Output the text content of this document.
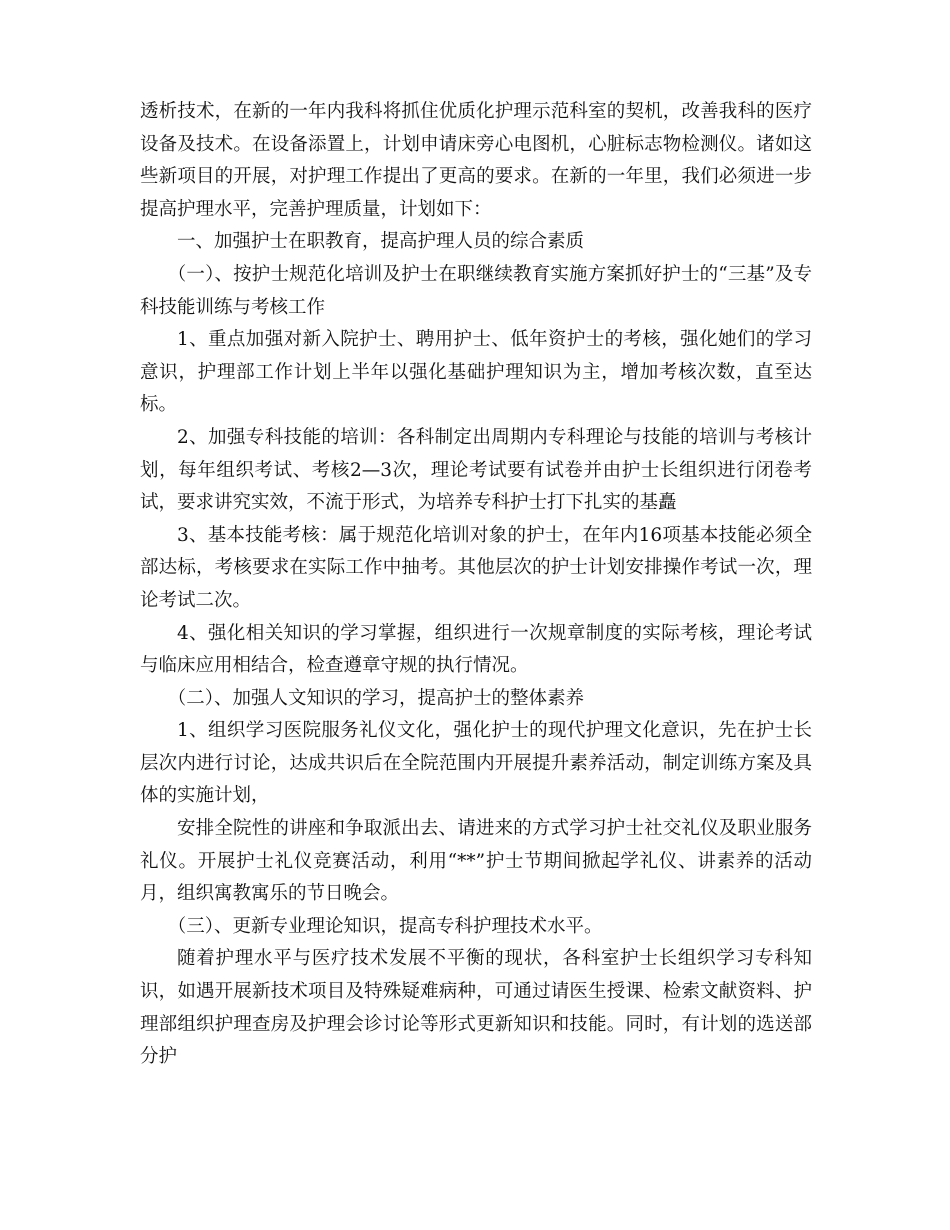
透析技术，在新的一年内我科将抓住优质化护理示范科室的契机，改善我科的医疗设备及技术。在设备添置上，计划申请床旁心电图机，心脏标志物检测仪。诸如这些新项目的开展，对护理工作提出了更高的要求。在新的一年里，我们必须进一步提高护理水平，完善护理质量，计划如下：

一、加强护士在职教育，提高护理人员的综合素质

（一）、按护士规范化培训及护士在职继续教育实施方案抓好护士的“三基”及专科技能训练与考核工作

1、重点加强对新入院护士、聘用护士、低年资护士的考核，强化她们的学习意识，护理部工作计划上半年以强化基础护理知识为主，增加考核次数，直至达标。

2、加强专科技能的培训：各科制定出周期内专科理论与技能的培训与考核计划，每年组织考试、考核2—3次，理论考试要有试卷并由护士长组织进行闭卷考试，要求讲究实效，不流于形式，为培养专科护士打下扎实的基矗

3、基本技能考核：属于规范化培训对象的护士，在年内16项基本技能必须全部达标，考核要求在实际工作中抽考。其他层次的护士计划安排操作考试一次，理论考试二次。

4、强化相关知识的学习掌握，组织进行一次规章制度的实际考核，理论考试与临床应用相结合，检查遵章守规的执行情况。

（二）、加强人文知识的学习，提高护士的整体素养

1、组织学习医院服务礼仪文化，强化护士的现代护理文化意识，先在护士长层次内进行讨论，达成共识后在全院范围内开展提升素养活动，制定训练方案及具体的实施计划，

安排全院性的讲座和争取派出去、请进来的方式学习护士社交礼仪及职业服务礼仪。开展护士礼仪竞赛活动，利用“**”护士节期间掀起学礼仪、讲素养的活动月，组织寓教寓乐的节日晚会。

（三）、更新专业理论知识，提高专科护理技术水平。

随着护理水平与医疗技术发展不平衡的现状，各科室护士长组织学习专科知识，如遇开展新技术项目及特殊疑难病种，可通过请医生授课、检索文献资料、护理部组织护理查房及护理会诊讨论等形式更新知识和技能。同时，有计划的选送部分护
